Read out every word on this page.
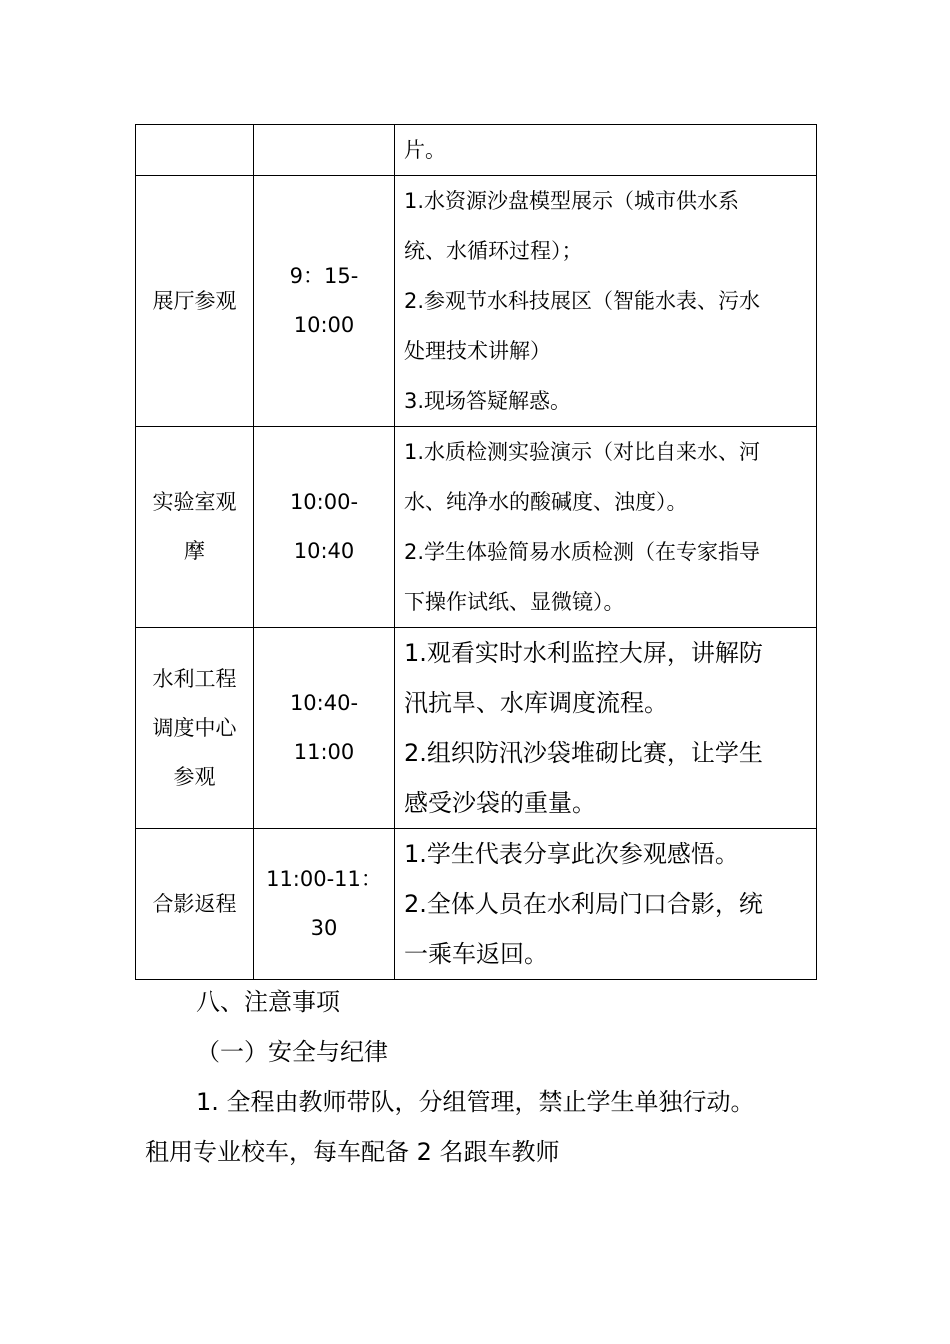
		片。

展厅参观	9：15-
10:00	1.水资源沙盘模型展示（城市供水系
统、水循环过程）；
2.参观节水科技展区（智能水表、污水
处理技术讲解）
3.现场答疑解惑。

实验室观
摩	10:00-
10:40	1.水质检测实验演示（对比自来水、河
水、纯净水的酸碱度、浊度）。
2.学生体验简易水质检测（在专家指导
下操作试纸、显微镜）。

水利工程
调度中心
参观	10:40-
11:00	1.观看实时水利监控大屏，讲解防
汛抗旱、水库调度流程。
2.组织防汛沙袋堆砌比赛，让学生
感受沙袋的重量。

合影返程	11:00-11：
30	1.学生代表分享此次参观感悟。
2.全体人员在水利局门口合影，统
一乘车返回。
八、注意事项
（一）安全与纪律
1. 全程由教师带队，分组管理，禁止学生单独行动。
租用专业校车，每车配备 2 名跟车教师
